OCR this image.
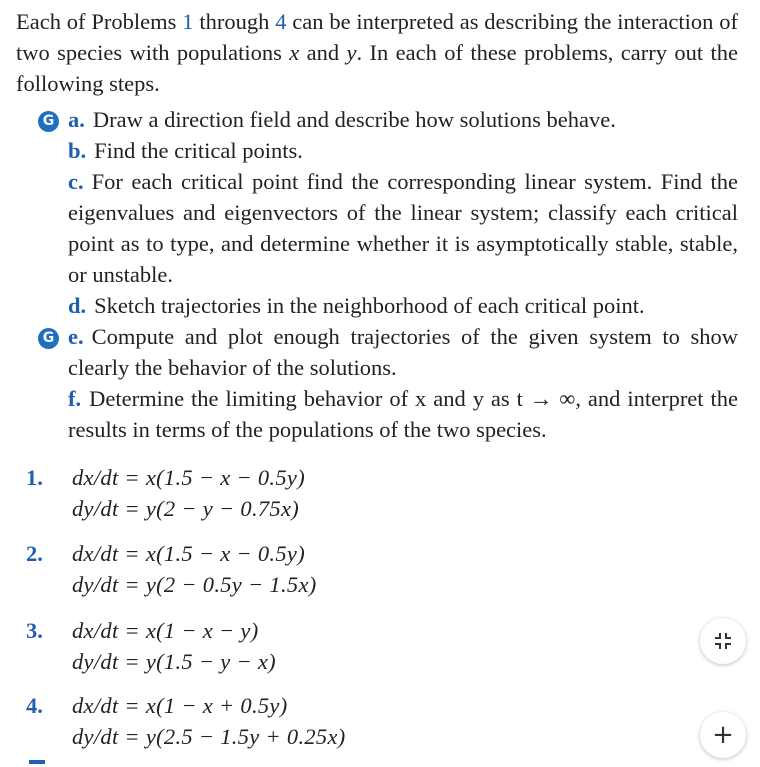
Each of Problems 1 through 4 can be interpreted as describing the interaction of two species with populations x and y. In each of these problems, carry out the following steps.
G a. Draw a direction field and describe how solutions behave.
b. Find the critical points.
c. For each critical point find the corresponding linear system. Find the eigenvalues and eigenvectors of the linear system; classify each critical point as to type, and determine whether it is asymptotically stable, stable, or unstable.
d. Sketch trajectories in the neighborhood of each critical point.
G e. Compute and plot enough trajectories of the given system to show clearly the behavior of the solutions.
f. Determine the limiting behavior of x and y as t → ∞, and interpret the results in terms of the populations of the two species.
1. dx/dt = x(1.5 − x − 0.5y)
dy/dt = y(2 − y − 0.75x)
2. dx/dt = x(1.5 − x − 0.5y)
dy/dt = y(2 − 0.5y − 1.5x)
3. dx/dt = x(1 − x − y)
dy/dt = y(1.5 − y − x)
4. dx/dt = x(1 − x + 0.5y)
dy/dt = y(2.5 − 1.5y + 0.25x)	+
